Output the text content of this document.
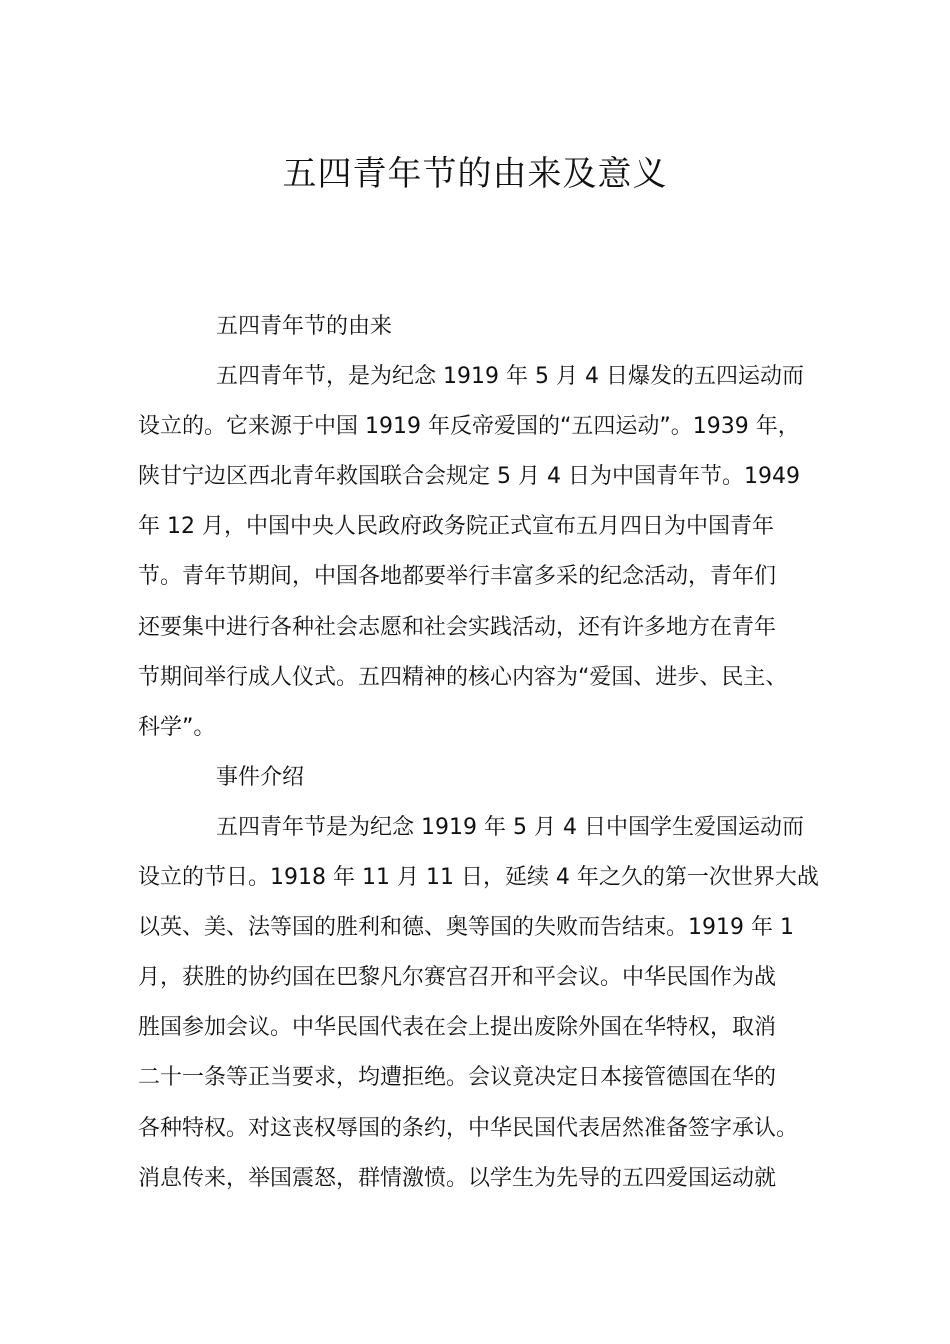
五四青年节的由来及意义
五四青年节的由来
五四青年节，是为纪念 1919 年 5 月 4 日爆发的五四运动而
设立的。它来源于中国 1919 年反帝爱国的“五四运动”。1939 年，
陕甘宁边区西北青年救国联合会规定 5 月 4 日为中国青年节。1949
年 12 月，中国中央人民政府政务院正式宣布五月四日为中国青年
节。青年节期间，中国各地都要举行丰富多采的纪念活动，青年们
还要集中进行各种社会志愿和社会实践活动，还有许多地方在青年
节期间举行成人仪式。五四精神的核心内容为“爱国、进步、民主、
科学”。
事件介绍
五四青年节是为纪念 1919 年 5 月 4 日中国学生爱国运动而
设立的节日。1918 年 11 月 11 日，延续 4 年之久的第一次世界大战
以英、美、法等国的胜利和德、奥等国的失败而告结束。1919 年 1
月，获胜的协约国在巴黎凡尔赛宫召开和平会议。中华民国作为战
胜国参加会议。中华民国代表在会上提出废除外国在华特权，取消
二十一条等正当要求，均遭拒绝。会议竟决定日本接管德国在华的
各种特权。对这丧权辱国的条约，中华民国代表居然准备签字承认。
消息传来，举国震怒，群情激愤。以学生为先导的五四爱国运动就
